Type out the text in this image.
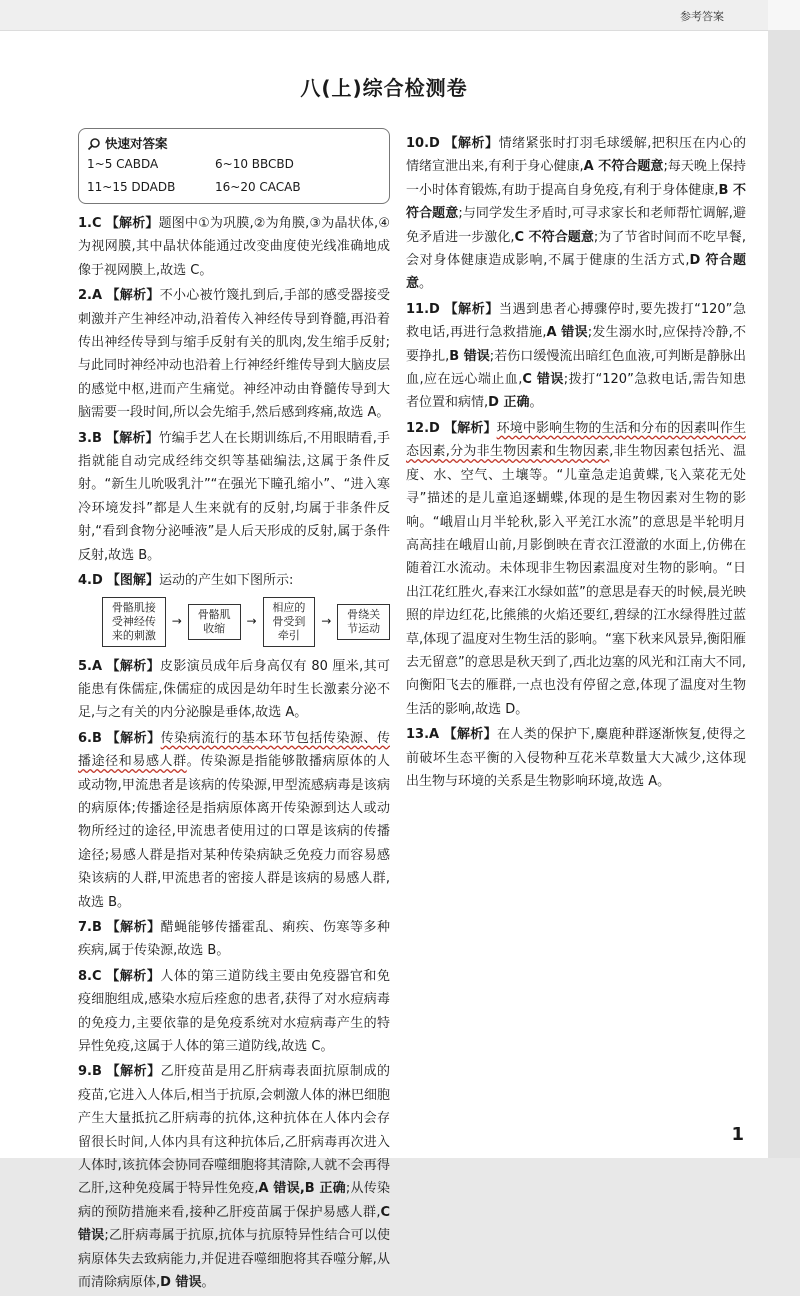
参考答案
八(上)综合检测卷
快速对答案
1~5 CABDA	6~10 BBCBD
11~15 DDADB	16~20 CACAB

1.C 【解析】题图中①为巩膜,②为角膜,③为晶状体,④为视网膜,其中晶状体能通过改变曲度使光线准确地成像于视网膜上,故选 C。

2.A 【解析】不小心被竹篾扎到后,手部的感受器接受刺激并产生神经冲动,沿着传入神经传导到脊髓,再沿着传出神经传导到与缩手反射有关的肌肉,发生缩手反射;与此同时神经冲动也沿着上行神经纤维传导到大脑皮层的感觉中枢,进而产生痛觉。神经冲动由脊髓传导到大脑需要一段时间,所以会先缩手,然后感到疼痛,故选 A。

3.B 【解析】竹编手艺人在长期训练后,不用眼睛看,手指就能自动完成经纬交织等基础编法,这属于条件反射。“新生儿吮吸乳汁”“在强光下瞳孔缩小”、“进入寒冷环境发抖”都是人生来就有的反射,均属于非条件反射,“看到食物分泌唾液”是人后天形成的反射,属于条件反射,故选 B。

4.D 【图解】运动的产生如下图所示:

骨骼肌接受神经传来的刺激
→	骨骼肌收缩
→
相应的骨受到牵引
→	骨绕关节运动

5.A 【解析】皮影演员成年后身高仅有 80 厘米,其可能患有侏儒症,侏儒症的成因是幼年时生长激素分泌不足,与之有关的内分泌腺是垂体,故选 A。

6.B 【解析】传染病流行的基本环节包括传染源、传播途径和易感人群。传染源是指能够散播病原体的人或动物,甲流患者是该病的传染源,甲型流感病毒是该病的病原体;传播途径是指病原体离开传染源到达人或动物所经过的途径,甲流患者使用过的口罩是该病的传播途径;易感人群是指对某种传染病缺乏免疫力而容易感染该病的人群,甲流患者的密接人群是该病的易感人群,故选 B。

7.B 【解析】醋蝇能够传播霍乱、痢疾、伤寒等多种疾病,属于传染源,故选 B。

8.C 【解析】人体的第三道防线主要由免疫器官和免疫细胞组成,感染水痘后痊愈的患者,获得了对水痘病毒的免疫力,主要依靠的是免疫系统对水痘病毒产生的特异性免疫,这属于人体的第三道防线,故选 C。

9.B 【解析】乙肝疫苗是用乙肝病毒表面抗原制成的疫苗,它进入人体后,相当于抗原,会刺激人体的淋巴细胞产生大量抵抗乙肝病毒的抗体,这种抗体在人体内会存留很长时间,人体内具有这种抗体后,乙肝病毒再次进入人体时,该抗体会协同吞噬细胞将其清除,人就不会再得乙肝,这种免疫属于特异性免疫,A 错误,B 正确;从传染病的预防措施来看,接种乙肝疫苗属于保护易感人群,C 错误;乙肝病毒属于抗原,抗体与抗原特异性结合可以使病原体失去致病能力,并促进吞噬细胞将其吞噬分解,从而清除病原体,D 错误。

10.D 【解析】情绪紧张时打羽毛球缓解,把积压在内心的情绪宣泄出来,有利于身心健康,A 不符合题意;每天晚上保持一小时体育锻炼,有助于提高自身免疫,有利于身体健康,B 不符合题意;与同学发生矛盾时,可寻求家长和老师帮忙调解,避免矛盾进一步激化,C 不符合题意;为了节省时间而不吃早餐,会对身体健康造成影响,不属于健康的生活方式,D 符合题意。

11.D 【解析】当遇到患者心搏骤停时,要先拨打“120”急救电话,再进行急救措施,A 错误;发生溺水时,应保持冷静,不要挣扎,B 错误;若伤口缓慢流出暗红色血液,可判断是静脉出血,应在远心端止血,C 错误;拨打“120”急救电话,需告知患者位置和病情,D 正确。

12.D 【解析】环境中影响生物的生活和分布的因素叫作生态因素,分为非生物因素和生物因素,非生物因素包括光、温度、水、空气、土壤等。“儿童急走追黄蝶,飞入菜花无处寻”描述的是儿童追逐蝴蝶,体现的是生物因素对生物的影响。“峨眉山月半轮秋,影入平羌江水流”的意思是半轮明月高高挂在峨眉山前,月影倒映在青衣江澄澈的水面上,仿佛在随着江水流动。未体现非生物因素温度对生物的影响。“日出江花红胜火,春来江水绿如蓝”的意思是春天的时候,晨光映照的岸边红花,比熊熊的火焰还要红,碧绿的江水绿得胜过蓝草,体现了温度对生物生活的影响。“塞下秋来风景异,衡阳雁去无留意”的意思是秋天到了,西北边塞的风光和江南大不同,向衡阳飞去的雁群,一点也没有停留之意,体现了温度对生物生活的影响,故选 D。

13.A 【解析】在人类的保护下,麋鹿种群逐渐恢复,使得之前破坏生态平衡的入侵物种互花米草数量大大减少,这体现出生物与环境的关系是生物影响环境,故选 A。

1
